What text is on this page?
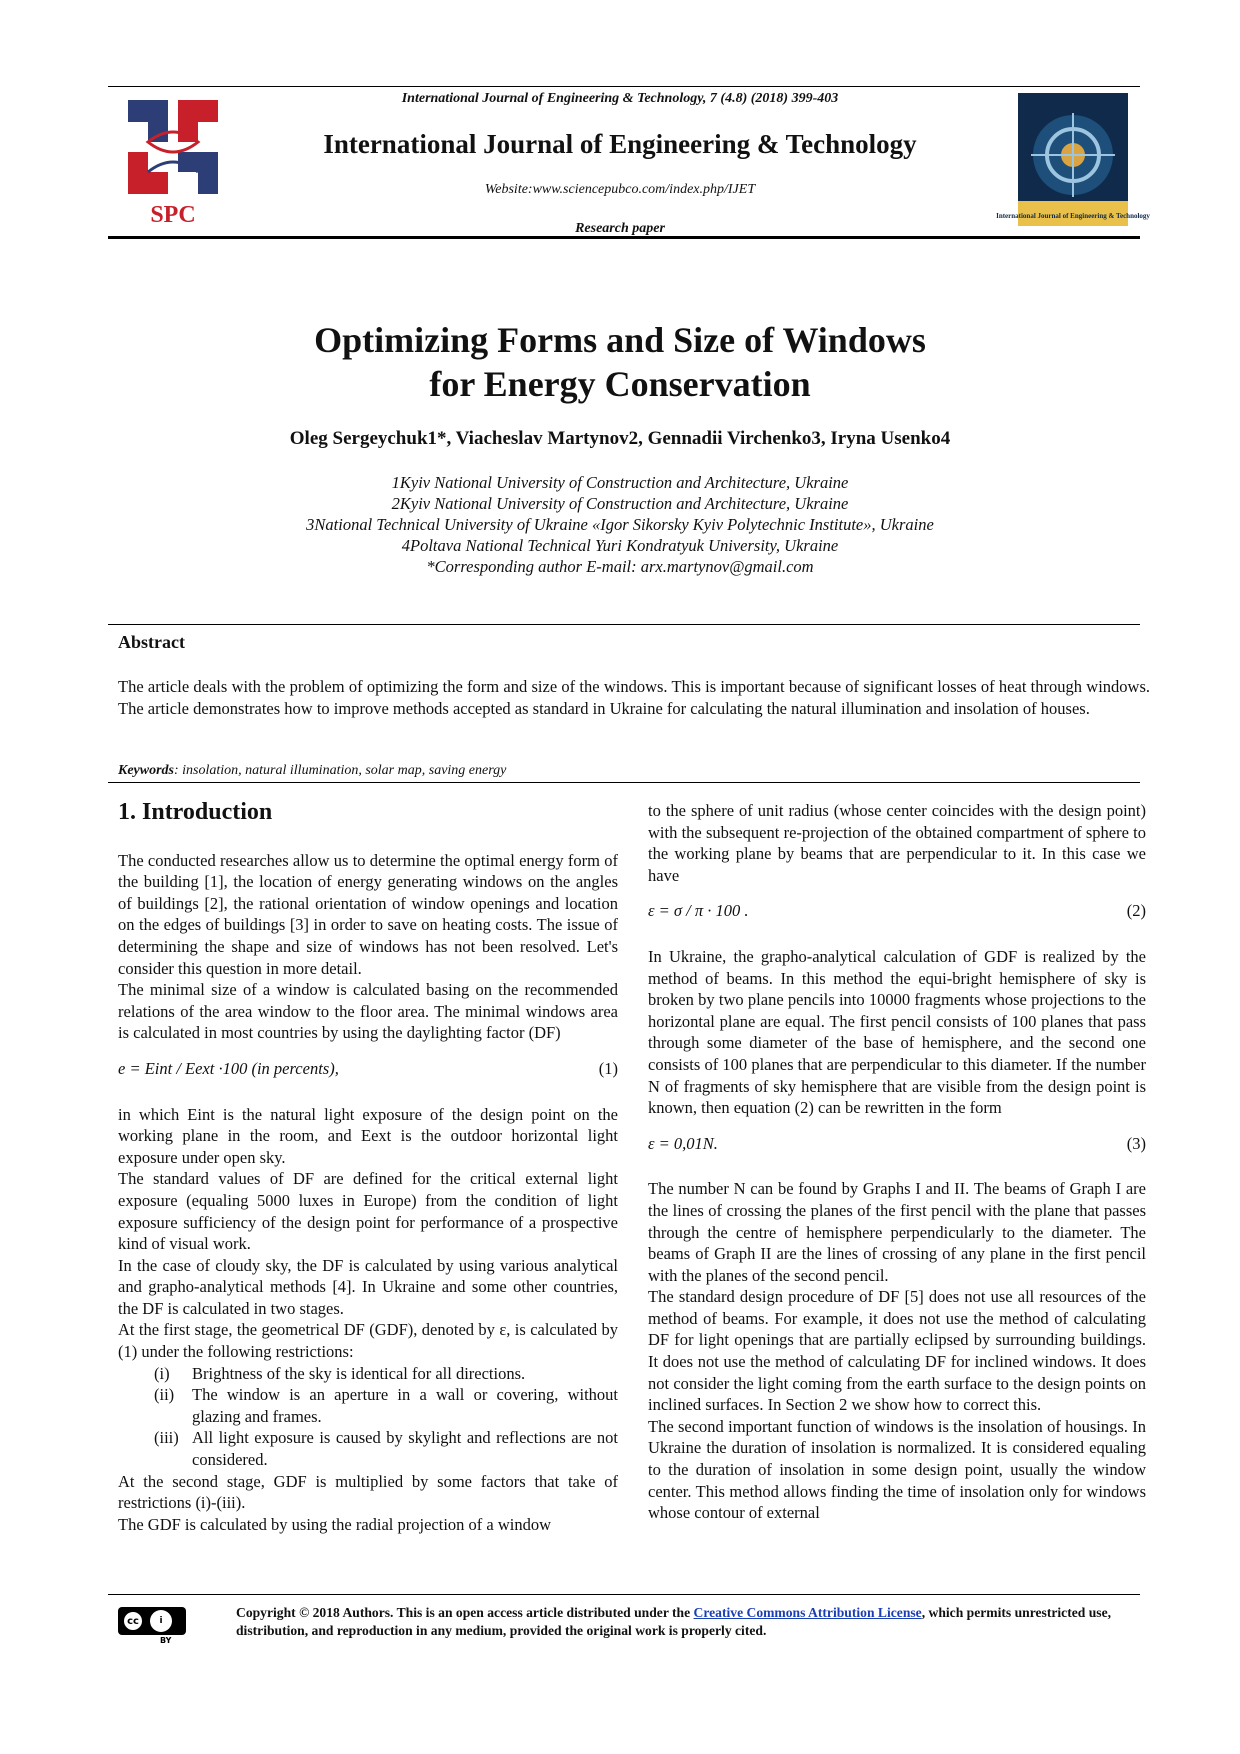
SPC
International Journal of Engineering & Technology, 7 (4.8) (2018) 399-403
International Journal of Engineering & Technology
Website:www.sciencepubco.com/index.php/IJET
Research paper
International Journal of Engineering & Technology
Optimizing Forms and Size of Windows
for Energy Conservation
Oleg Sergeychuk1*, Viacheslav Martynov2, Gennadii Virchenko3, Iryna Usenko4
1Kyiv National University of Construction and Architecture, Ukraine
2Kyiv National University of Construction and Architecture, Ukraine
3National Technical University of Ukraine «Igor Sikorsky Kyiv Polytechnic Institute», Ukraine
4Poltava National Technical Yuri Kondratyuk University, Ukraine
*Corresponding author E-mail: arx.martynov@gmail.com
Abstract
The article deals with the problem of optimizing the form and size of the windows. This is important because of significant losses of heat through windows. The article demonstrates how to improve methods accepted as standard in Ukraine for calculating the natural illumination and insolation of houses.
Keywords: insolation, natural illumination, solar map, saving energy

1. Introduction

The conducted researches allow us to determine the optimal energy form of the building [1], the location of energy generating windows on the angles of buildings [2], the rational orientation of window openings and location on the edges of buildings [3] in order to save on heating costs. The issue of determining the shape and size of windows has not been resolved. Let's consider this question in more detail.

The minimal size of a window is calculated basing on the recommended relations of the area window to the floor area. The minimal windows area is calculated in most countries by using the daylighting factor (DF)

e = Eint / Eext ·100 (in percents),	(1)

in which Eint is the natural light exposure of the design point on the working plane in the room, and Eext is the outdoor horizontal light exposure under open sky.

The standard values of DF are defined for the critical external light exposure (equaling 5000 luxes in Europe) from the condition of light exposure sufficiency of the design point for performance of a prospective kind of visual work.

In the case of cloudy sky, the DF is calculated by using various analytical and grapho-analytical methods [4]. In Ukraine and some other countries, the DF is calculated in two stages.

At the first stage, the geometrical DF (GDF), denoted by ε, is calculated by (1) under the following restrictions:

(i)	Brightness of the sky is identical for all directions.
(ii)	The window is an aperture in a wall or covering, without glazing and frames.
(iii) All light exposure is caused by skylight and reflections are not considered.

At the second stage, GDF is multiplied by some factors that take of restrictions (i)-(iii).

The GDF is calculated by using the radial projection of a window

to the sphere of unit radius (whose center coincides with the design point) with the subsequent re-projection of the obtained compartment of sphere to the working plane by beams that are perpendicular to it. In this case we have

ε = σ / π · 100 .	(2)

In Ukraine, the grapho-analytical calculation of GDF is realized by the method of beams. In this method the equi-bright hemisphere of sky is broken by two plane pencils into 10000 fragments whose projections to the horizontal plane are equal. The first pencil consists of 100 planes that pass through some diameter of the base of hemisphere, and the second one consists of 100 planes that are perpendicular to this diameter. If the number N of fragments of sky hemisphere that are visible from the design point is known, then equation (2) can be rewritten in the form

ε = 0,01N.	(3)

The number N can be found by Graphs I and II. The beams of Graph I are the lines of crossing the planes of the first pencil with the plane that passes through the centre of hemisphere perpendicularly to the diameter. The beams of Graph II are the lines of crossing of any plane in the first pencil with the planes of the second pencil.

The standard design procedure of DF [5] does not use all resources of the method of beams. For example, it does not use the method of calculating DF for light openings that are partially eclipsed by surrounding buildings. It does not use the method of calculating DF for inclined windows. It does not consider the light coming from the earth surface to the design points on inclined surfaces. In Section 2 we show how to correct this.

The second important function of windows is the insolation of housings. In Ukraine the duration of insolation is normalized. It is considered equaling to the duration of insolation in some design point, usually the window center. This method allows finding the time of insolation only for windows whose contour of external

cc	i
BY
Copyright © 2018 Authors. This is an open access article distributed under the Creative Commons Attribution License, which permits unrestricted use, distribution, and reproduction in any medium, provided the original work is properly cited.
